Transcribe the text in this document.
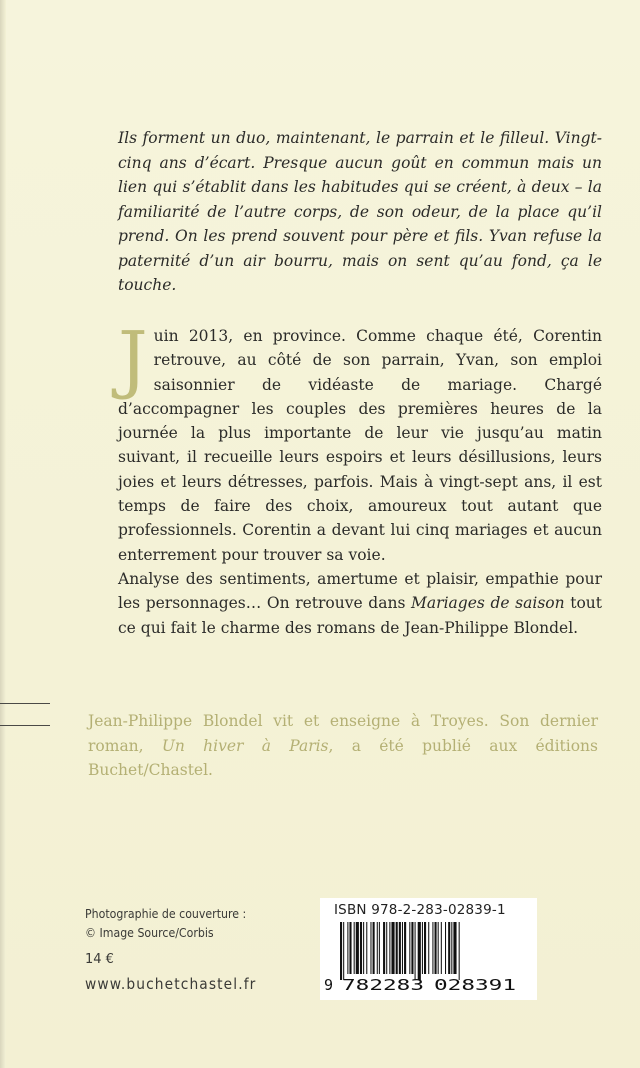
Ils forment un duo, maintenant, le parrain et le filleul. Vingt-cinq ans d’écart. Presque aucun goût en commun mais un lien qui s’établit dans les habitudes qui se créent, à deux – la familiarité de l’autre corps, de son odeur, de la place qu’il prend. On les prend souvent pour père et fils. Yvan refuse la paternité d’un air bourru, mais on sent qu’au fond, ça le touche.

Juin 2013, en province. Comme chaque été, Corentin retrouve, au côté de son parrain, Yvan, son emploi saisonnier de vidéaste de mariage. Chargé d’accompagner les couples des premières heures de la journée la plus importante de leur vie jusqu’au matin suivant, il recueille leurs espoirs et leurs désillusions, leurs joies et leurs détresses, parfois. Mais à vingt-sept ans, il est temps de faire des choix, amoureux tout autant que professionnels. Corentin a devant lui cinq mariages et aucun enterrement pour trouver sa voie.

Analyse des sentiments, amertume et plaisir, empathie pour les personnages… On retrouve dans Mariages de saison tout ce qui fait le charme des romans de Jean-Philippe Blondel.

Jean-Philippe Blondel vit et enseigne à Troyes. Son dernier roman, Un hiver à Paris, a été publié aux éditions Buchet/Chastel.

Photographie de couverture :
© Image Source/Corbis
14 €
www.buchetchastel.fr
ISBN 978-2-283-02839-1
9 782283 028391
